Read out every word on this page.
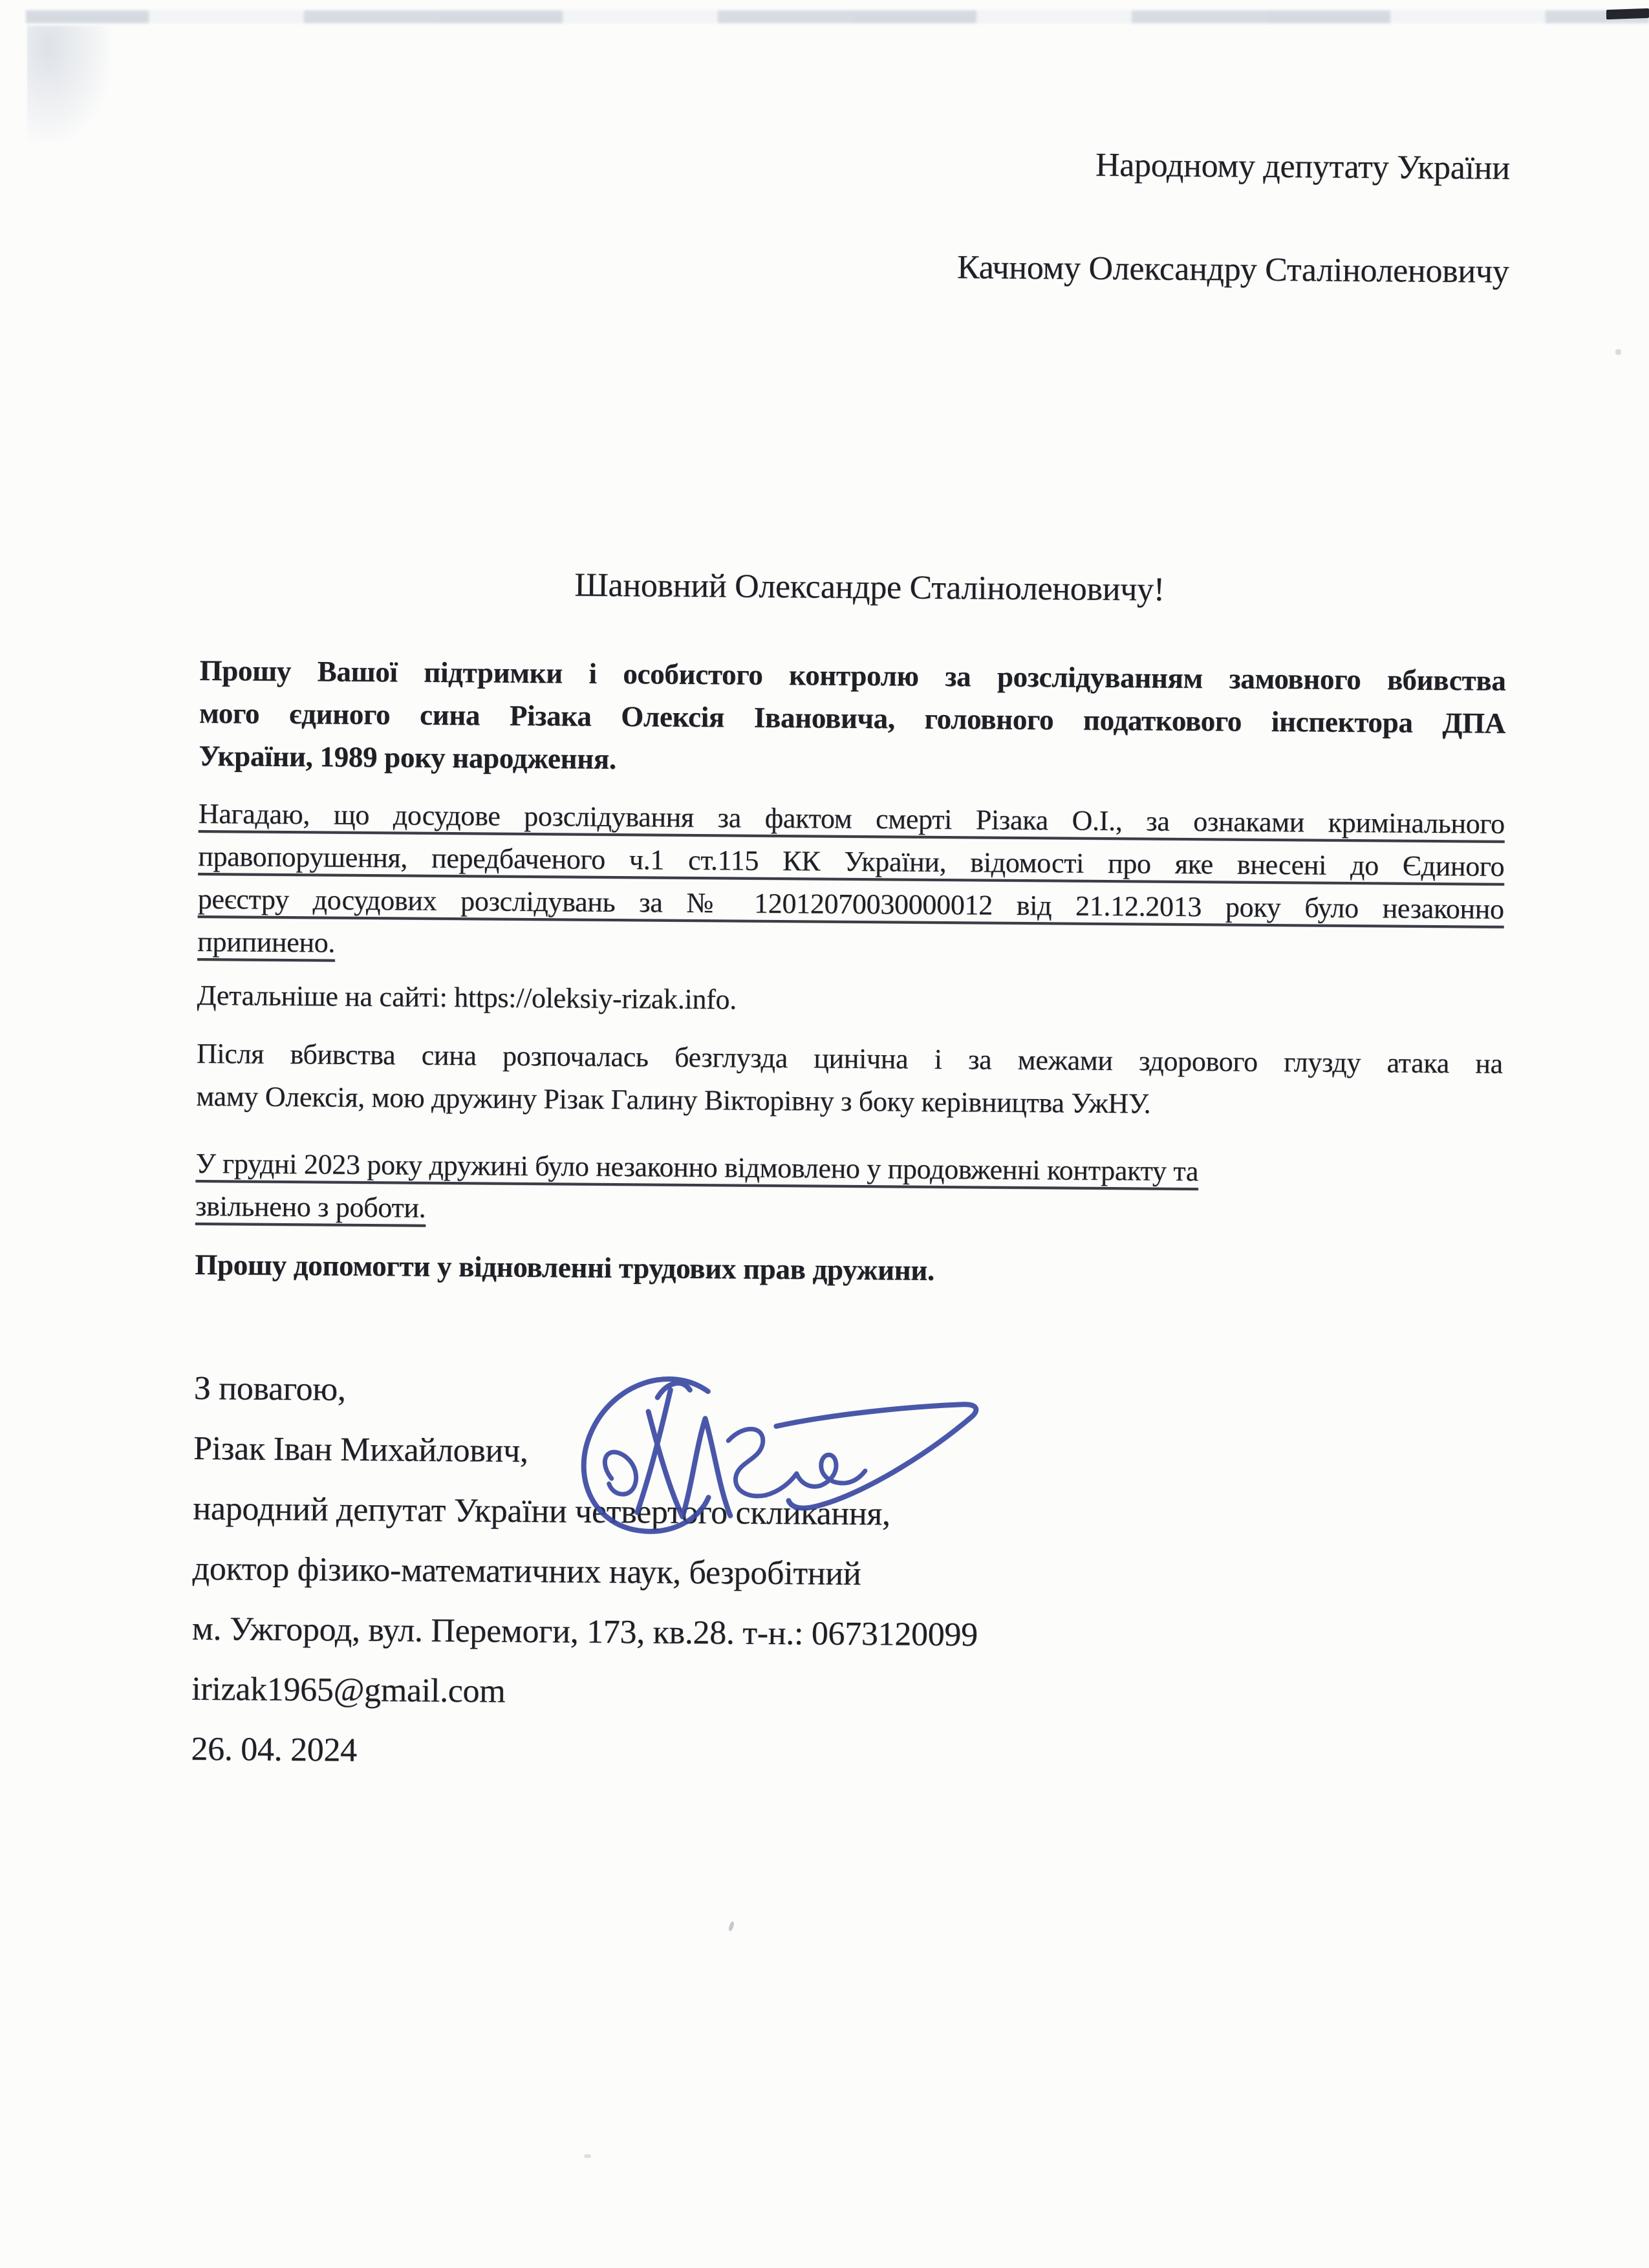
Народному депутату України
Качному Олександру Сталіноленовичу
Шановний Олександре Сталіноленовичу!
Прошу Вашої підтримки і особистого контролю за розслідуванням замовного вбивства
мого єдиного сина Різака Олексія Івановича, головного податкового інспектора ДПА
України, 1989 року народження.
Нагадаю, що досудове розслідування за фактом смерті Різака О.І., за ознаками кримінального
правопорушення, передбаченого ч.1 ст.115 КК України, відомості про яке внесені до Єдиного
реєстру досудових розслідувань за № 12012070030000012 від 21.12.2013 року було незаконно
припинено.
Детальніше на сайті: https://oleksiy-rizak.info.
Після вбивства сина розпочалась безглузда цинічна і за межами здорового глузду атака на
маму Олексія, мою дружину Різак Галину Вікторівну з боку керівництва УжНУ.
У грудні 2023 року дружині було незаконно відмовлено у продовженні контракту та
звільнено з роботи.
Прошу допомогти у відновленні трудових прав дружини.
З повагою,
Різак Іван Михайлович,
народний депутат України четвертого скликання,
доктор фізико-математичних наук, безробітний
м. Ужгород, вул. Перемоги, 173, кв.28. т-н.: 0673120099
irizak1965@gmail.com
26. 04. 2024
